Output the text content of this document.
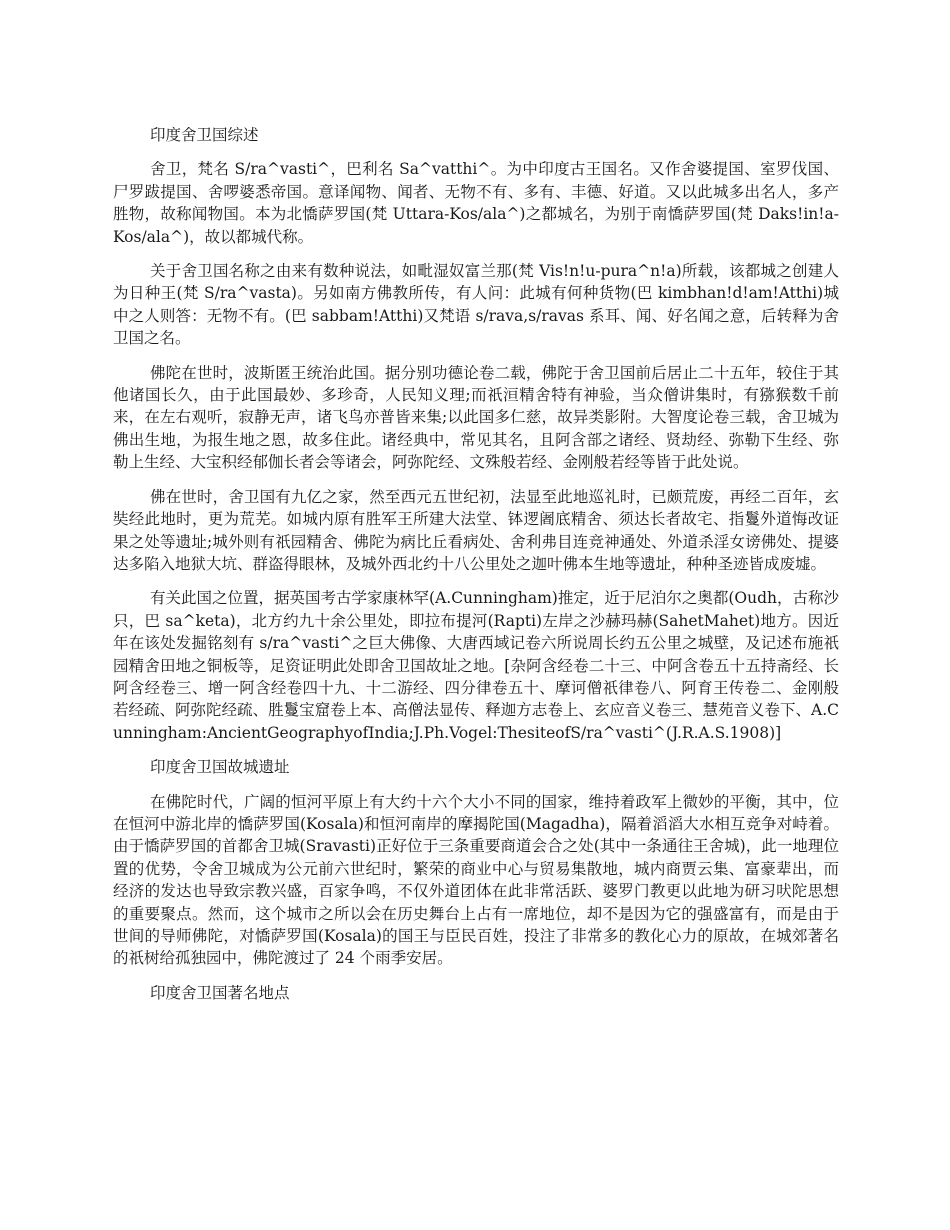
印度舍卫国综述
舍卫，梵名 S/ra^vasti^，巴利名 Sa^vatthi^。为中印度古王国名。又作舍婆提国、室罗伐国、尸罗跋提国、舍啰婆悉帝国。意译闻物、闻者、无物不有、多有、丰德、好道。又以此城多出名人，多产胜物，故称闻物国。本为北憍萨罗国(梵 Uttara-Kos/ala^)之都城名，为别于南憍萨罗国(梵 Daks!in!a-Kos/ala^)，故以都城代称。
关于舍卫国名称之由来有数种说法，如毗湿奴富兰那(梵 Vis!n!u-pura^n!a)所载，该都城之创建人为日种王(梵 S/ra^vasta)。另如南方佛教所传，有人问：此城有何种货物(巴 kimbhan!d!am!Atthi)城中之人则答：无物不有。(巴 sabbam!Atthi)又梵语 s/rava,s/ravas 系耳、闻、好名闻之意，后转释为舍卫国之名。
佛陀在世时，波斯匿王统治此国。据分别功德论卷二载，佛陀于舍卫国前后居止二十五年，较住于其他诸国长久，由于此国最妙、多珍奇，人民知义理;而祇洹精舍特有神验，当众僧讲集时，有猕猴数千前来，在左右观听，寂静无声，诸飞鸟亦普皆来集;以此国多仁慈，故异类影附。大智度论卷三载，舍卫城为佛出生地，为报生地之恩，故多住此。诸经典中，常见其名，且阿含部之诸经、贤劫经、弥勒下生经、弥勒上生经、大宝积经郁伽长者会等诸会，阿弥陀经、文殊般若经、金刚般若经等皆于此处说。
佛在世时，舍卫国有九亿之家，然至西元五世纪初，法显至此地巡礼时，已颇荒废，再经二百年，玄奘经此地时，更为荒芜。如城内原有胜军王所建大法堂、钵逻阇底精舍、须达长者故宅、指鬘外道悔改证果之处等遗址;城外则有祇园精舍、佛陀为病比丘看病处、舍利弗目连竞神通处、外道杀淫女谤佛处、提婆达多陷入地狱大坑、群盗得眼林，及城外西北约十八公里处之迦叶佛本生地等遗址，种种圣迹皆成废墟。
有关此国之位置，据英国考古学家康林罕(A.Cunningham)推定，近于尼泊尔之奥都(Oudh，古称沙只，巴 sa^keta)，北方约九十余公里处，即拉布提河(Rapti)左岸之沙赫玛赫(SahetMahet)地方。因近年在该处发掘铭刻有 s/ra^vasti^之巨大佛像、大唐西域记卷六所说周长约五公里之城壁，及记述布施祇园精舍田地之铜板等，足资证明此处即舍卫国故址之地。[杂阿含经卷二十三、中阿含卷五十五持斋经、长阿含经卷三、增一阿含经卷四十九、十二游经、四分律卷五十、摩诃僧祇律卷八、阿育王传卷二、金刚般若经疏、阿弥陀经疏、胜鬘宝窟卷上本、高僧法显传、释迦方志卷上、玄应音义卷三、慧苑音义卷下、A.Cunningham:AncientGeographyofIndia;J.Ph.Vogel:ThesiteofS/ra^vasti^(J.R.A.S.1908)]
印度舍卫国故城遗址
在佛陀时代，广阔的恒河平原上有大约十六个大小不同的国家，维持着政军上微妙的平衡，其中，位在恒河中游北岸的憍萨罗国(Kosala)和恒河南岸的摩揭陀国(Magadha)，隔着滔滔大水相互竞争对峙着。由于憍萨罗国的首都舍卫城(Sravasti)正好位于三条重要商道会合之处(其中一条通往王舍城)，此一地理位置的优势，令舍卫城成为公元前六世纪时，繁荣的商业中心与贸易集散地，城内商贾云集、富豪辈出，而经济的发达也导致宗教兴盛，百家争鸣，不仅外道团体在此非常活跃、婆罗门教更以此地为研习吠陀思想的重要聚点。然而，这个城市之所以会在历史舞台上占有一席地位，却不是因为它的强盛富有，而是由于世间的导师佛陀，对憍萨罗国(Kosala)的国王与臣民百姓，投注了非常多的教化心力的原故，在城郊著名的祇树给孤独园中，佛陀渡过了 24 个雨季安居。
印度舍卫国著名地点
